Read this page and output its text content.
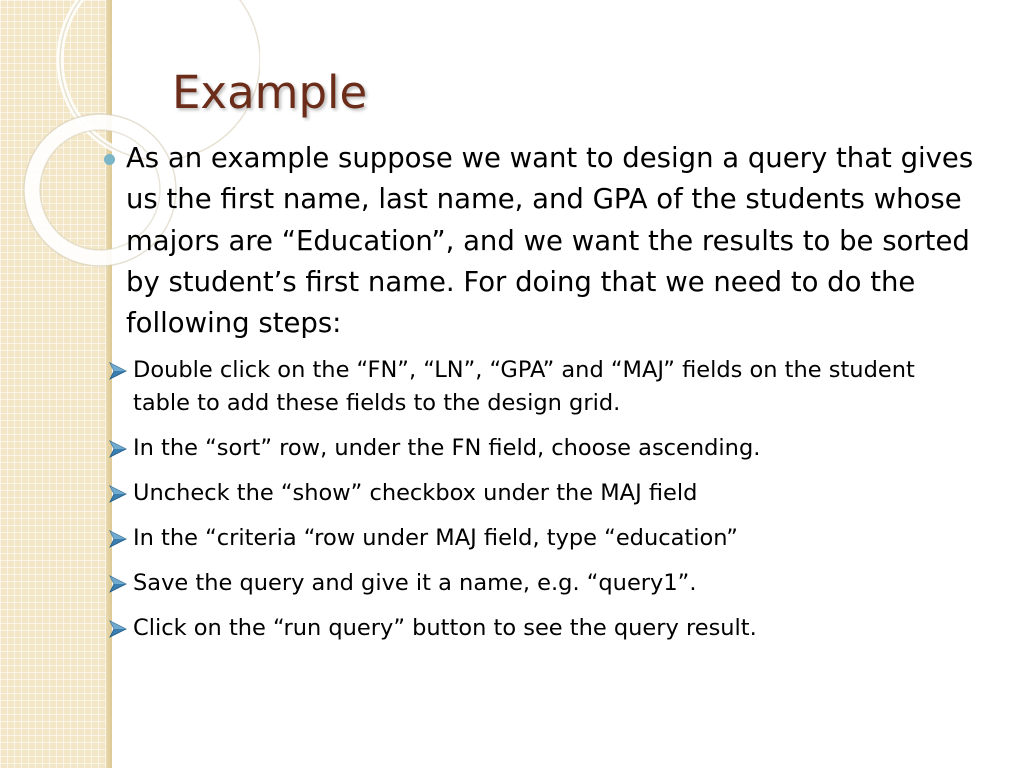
Example
As an example suppose we want to design a query that gives us the first name, last name, and GPA of the students whose majors are “Education”, and we want the results to be sorted by student’s first name. For doing that we need to do the following steps:
Double click on the “FN”, “LN”, “GPA” and “MAJ” fields on the student table to add these fields to the design grid.
In the “sort” row, under the FN field, choose ascending.
Uncheck the “show” checkbox under the MAJ field
In the “criteria “row under MAJ field, type “education”
Save the query and give it a name, e.g. “query1”.
Click on the “run query” button to see the query result.
